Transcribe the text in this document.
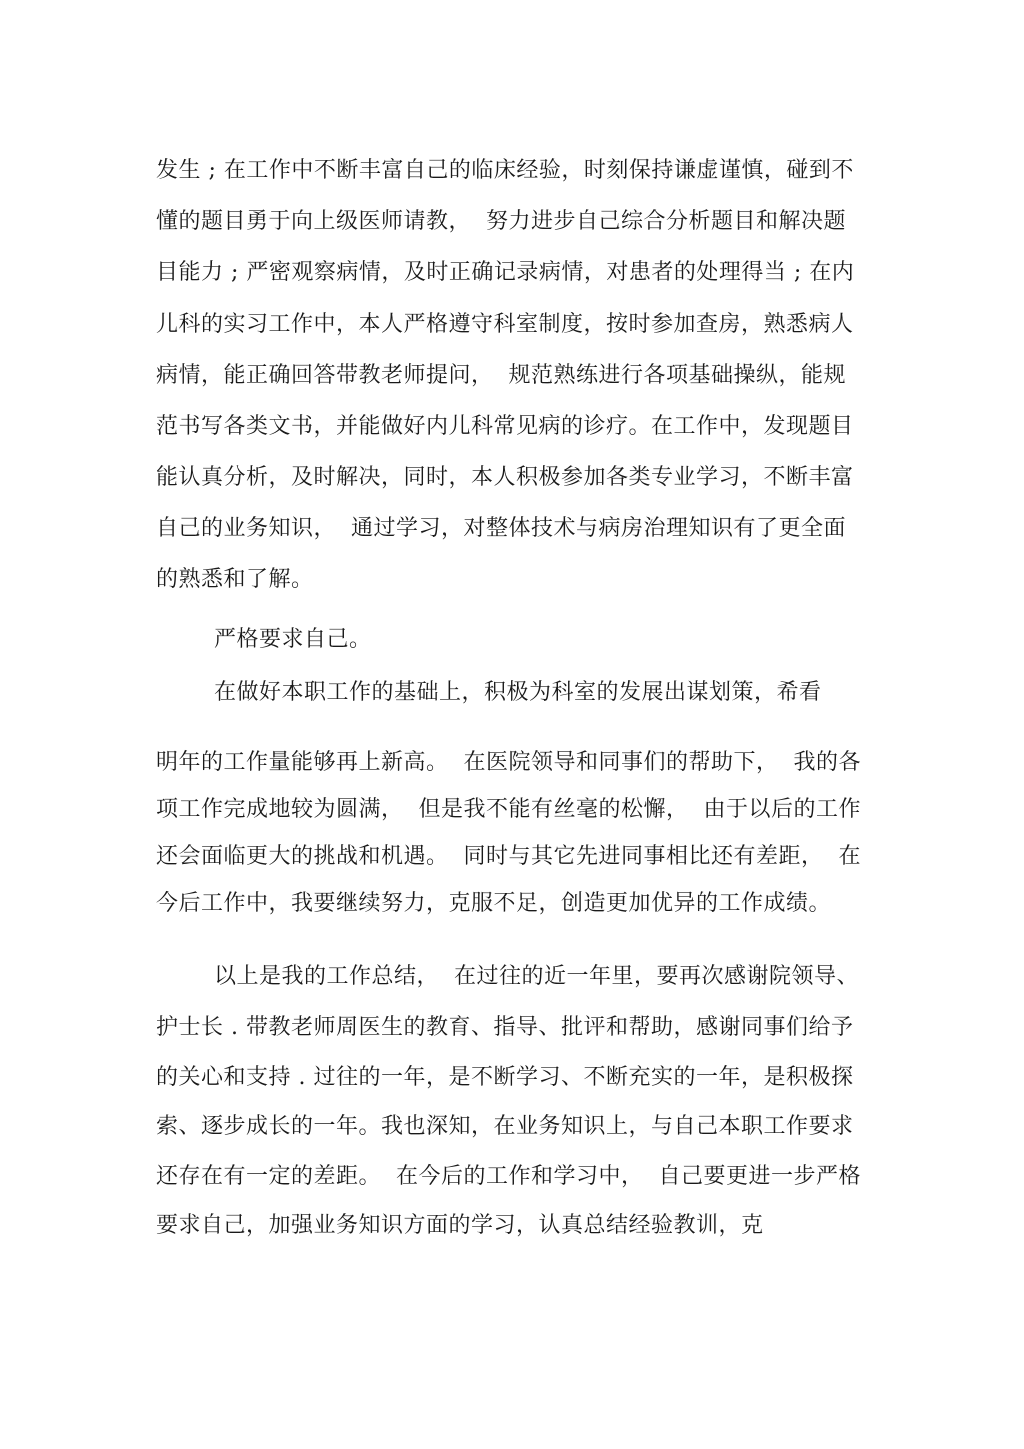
发生 ; 在工作中不断丰富自己的临床经验，时刻保持谦虚谨慎，碰到不
懂的题目勇于向上级医师请教，  努力进步自己综合分析题目和解决题
目能力 ; 严密观察病情，及时正确记录病情，对患者的处理得当 ; 在内
儿科的实习工作中，本人严格遵守科室制度，按时参加查房，熟悉病人
病情，能正确回答带教老师提问，  规范熟练进行各项基础操纵，能规
范书写各类文书，并能做好内儿科常见病的诊疗。在工作中，发现题目
能认真分析，及时解决，同时，本人积极参加各类专业学习，不断丰富
自己的业务知识，  通过学习，对整体技术与病房治理知识有了更全面
的熟悉和了解。
严格要求自己。
在做好本职工作的基础上，积极为科室的发展出谋划策，希看
明年的工作量能够再上新高。  在医院领导和同事们的帮助下，  我的各
项工作完成地较为圆满，  但是我不能有丝毫的松懈，  由于以后的工作
还会面临更大的挑战和机遇。  同时与其它先进同事相比还有差距，  在
今后工作中，我要继续努力，克服不足，创造更加优异的工作成绩。
以上是我的工作总结，  在过往的近一年里，要再次感谢院领导、
护士长 . 带教老师周医生的教育、指导、批评和帮助，感谢同事们给予
的关心和支持 . 过往的一年，是不断学习、不断充实的一年，是积极探
索、逐步成长的一年。我也深知，在业务知识上，与自己本职工作要求
还存在有一定的差距。  在今后的工作和学习中，  自己要更进一步严格
要求自己，加强业务知识方面的学习，认真总结经验教训，克
